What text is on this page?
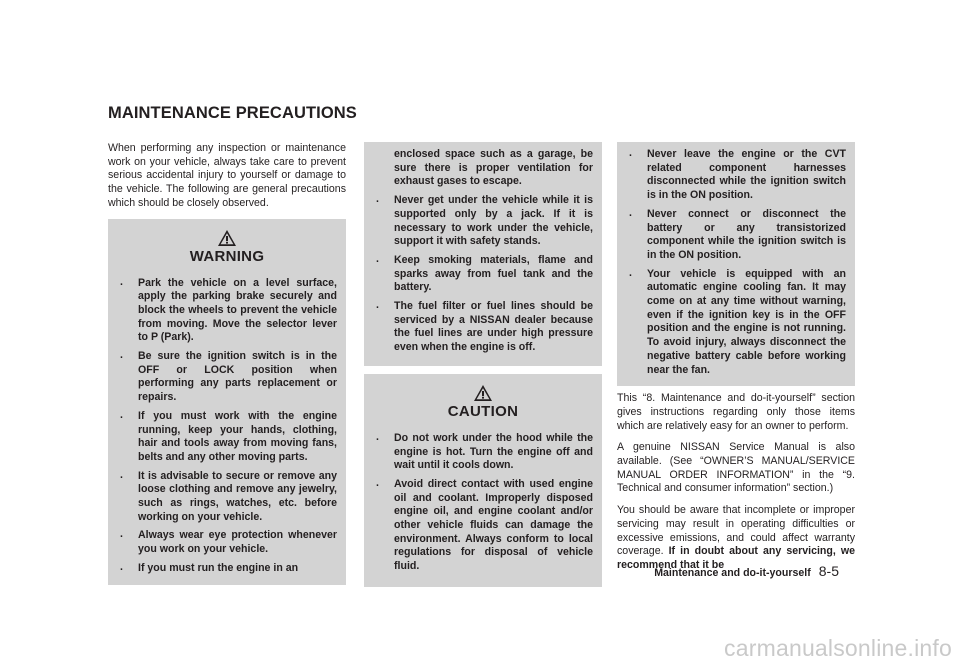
MAINTENANCE PRECAUTIONS

When performing any inspection or maintenance work on your vehicle, always take care to prevent serious accidental injury to yourself or damage to the vehicle. The following are general precautions which should be closely observed.

WARNING
. Park the vehicle on a level surface, apply the parking brake securely and block the wheels to prevent the vehicle from moving. Move the selector lever to P (Park).
. Be sure the ignition switch is in the OFF or LOCK position when performing any parts replacement or repairs.
. If you must work with the engine running, keep your hands, clothing, hair and tools away from moving fans, belts and any other moving parts.
. It is advisable to secure or remove any loose clothing and remove any jewelry, such as rings, watches, etc. before working on your vehicle.
. Always wear eye protection whenever you work on your vehicle.
. If you must run the engine in an
enclosed space such as a garage, be sure there is proper ventilation for exhaust gases to escape.
. Never get under the vehicle while it is supported only by a jack. If it is necessary to work under the vehicle, support it with safety stands.
. Keep smoking materials, flame and sparks away from fuel tank and the battery.
. The fuel filter or fuel lines should be serviced by a NISSAN dealer because the fuel lines are under high pressure even when the engine is off.
CAUTION
. Do not work under the hood while the engine is hot. Turn the engine off and wait until it cools down.
. Avoid direct contact with used engine oil and coolant. Improperly disposed engine oil, and engine coolant and/or other vehicle fluids can damage the environment. Always conform to local regulations for disposal of vehicle fluid.
. Never leave the engine or the CVT related component harnesses disconnected while the ignition switch is in the ON position.
. Never connect or disconnect the battery or any transistorized component while the ignition switch is in the ON position.
. Your vehicle is equipped with an automatic engine cooling fan. It may come on at any time without warning, even if the ignition key is in the OFF position and the engine is not running. To avoid injury, always disconnect the negative battery cable before working near the fan.

This “8. Maintenance and do-it-yourself” section gives instructions regarding only those items which are relatively easy for an owner to perform.

A genuine NISSAN Service Manual is also available. (See “OWNER’S MANUAL/SERVICE MANUAL ORDER INFORMATION” in the “9. Technical and consumer information” section.)

You should be aware that incomplete or improper servicing may result in operating difficulties or excessive emissions, and could affect warranty coverage. If in doubt about any servicing, we recommend that it be

Maintenance and do-it-yourself 8-5
carmanualsonline.info
